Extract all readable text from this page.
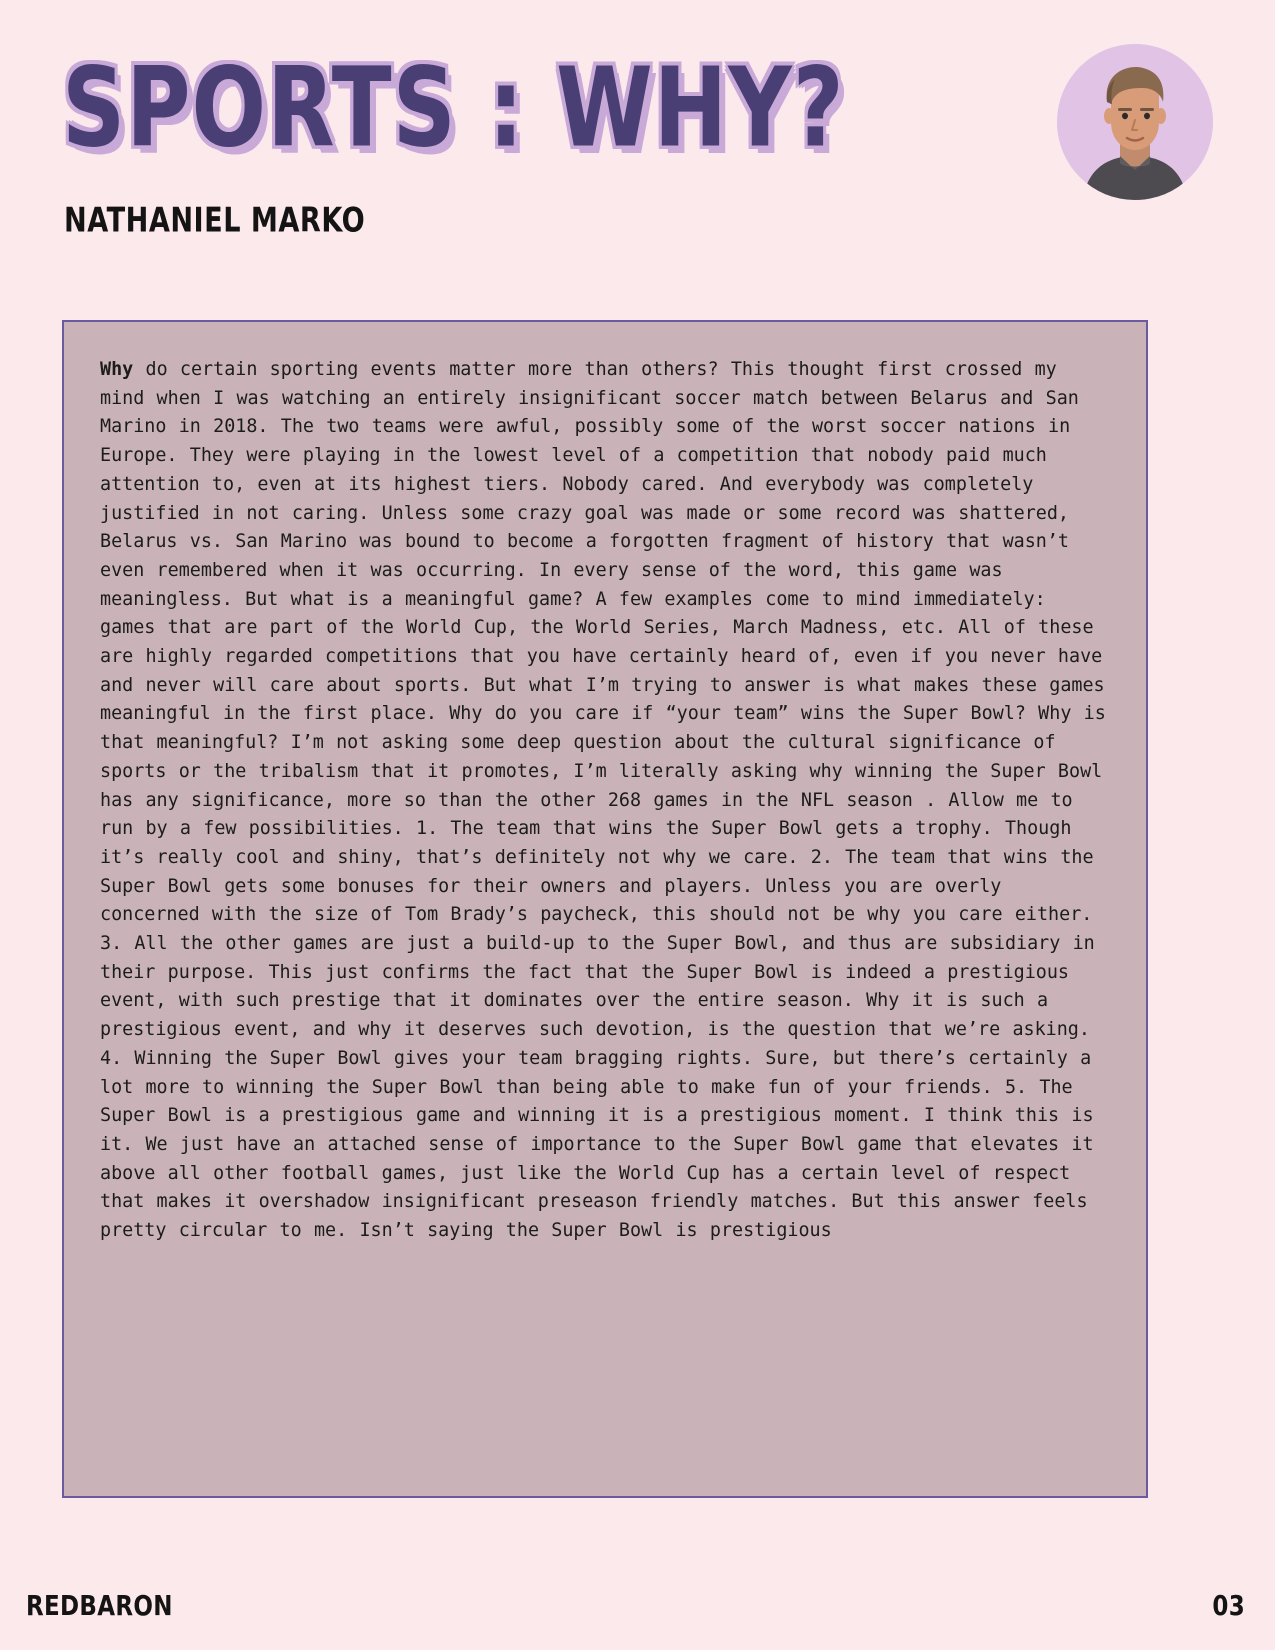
SPORTS : WHY?
NATHANIEL MARKO

Why do certain sporting events matter more than others? This thought first crossed my mind when I was watching an entirely insignificant soccer match between Belarus and San Marino in 2018. The two teams were awful, possibly some of the worst soccer nations in Europe. They were playing in the lowest level of a competition that nobody paid much attention to, even at its highest tiers. Nobody cared. And everybody was completely justified in not caring. Unless some crazy goal was made or some record was shattered, Belarus vs. San Marino was bound to become a forgotten fragment of history that wasn’t even remembered when it was occurring. In every sense of the word, this game was meaningless. But what is a meaningful game? A few examples come to mind immediately: games that are part of the World Cup, the World Series, March Madness, etc. All of these are highly regarded competitions that you have certainly heard of, even if you never have and never will care about sports. But what I’m trying to answer is what makes these games meaningful in the first place. Why do you care if “your team” wins the Super Bowl? Why is that meaningful? I’m not asking some deep question about the cultural significance of sports or the tribalism that it promotes, I’m literally asking why winning the Super Bowl has any significance, more so than the other 268 games in the NFL season . Allow me to run by a few possibilities. 1. The team that wins the Super Bowl gets a trophy. Though it’s really cool and shiny, that’s definitely not why we care. 2. The team that wins the Super Bowl gets some bonuses for their owners and players. Unless you are overly concerned with the size of Tom Brady’s paycheck, this should not be why you care either. 3. All the other games are just a build-up to the Super Bowl, and thus are subsidiary in their purpose. This just confirms the fact that the Super Bowl is indeed a prestigious event, with such prestige that it dominates over the entire season. Why it is such a prestigious event, and why it deserves such devotion, is the question that we’re asking.  4. Winning the Super Bowl gives your team bragging rights. Sure, but there’s certainly a lot more to winning the Super Bowl than being able to make fun of your friends. 5. The Super Bowl is a prestigious game and winning it is a prestigious moment. I think this is it. We just have an attached sense of importance to the Super Bowl game that elevates it above all other football games, just like the World Cup has a certain level of respect that makes it overshadow insignificant preseason friendly matches. But this answer feels pretty circular to me. Isn’t saying the Super Bowl is prestigious

REDBARON	03
